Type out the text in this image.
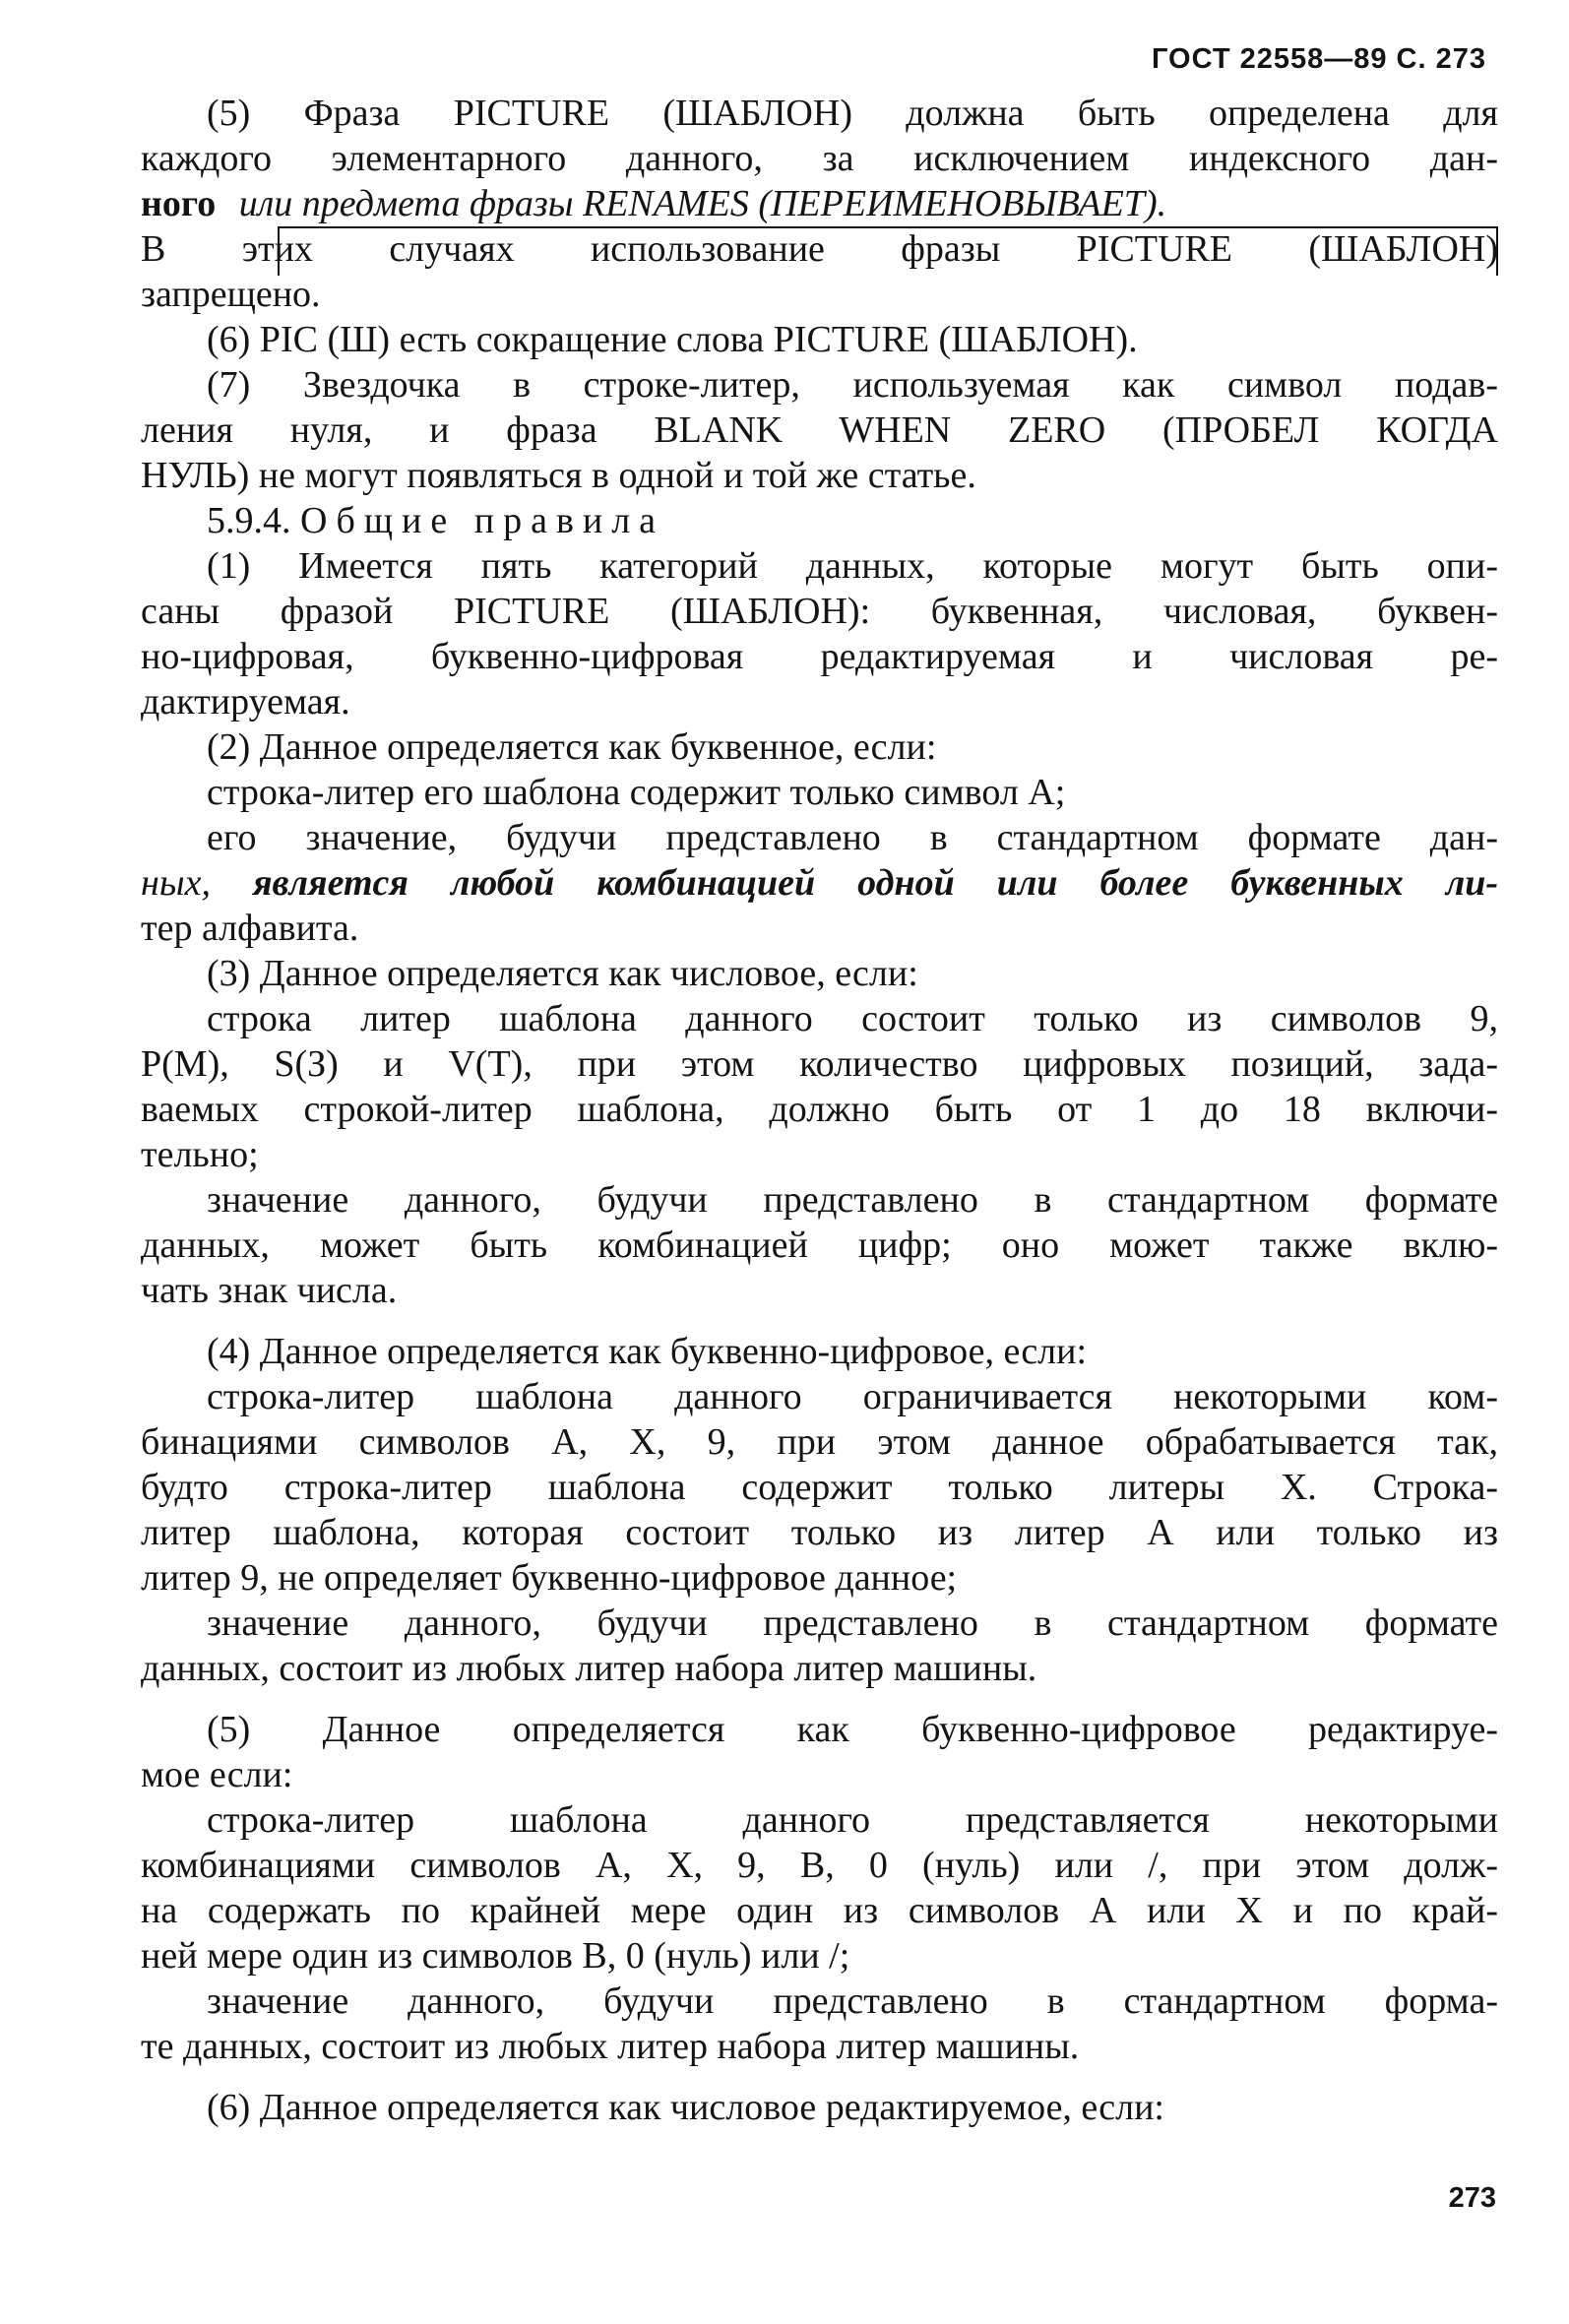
ГОСТ 22558—89 С. 273
(5) Фраза PICTURE (ШАБЛОН) должна быть определена для
каждого элементарного данного, за исключением индексного дан-
ного или предмета фразы RENAMES (ПЕРЕИМЕНОВЫВАЕТ).
В этих случаях использование фразы PICTURE (ШАБЛОН)
запрещено.
(6) PIC (Ш) есть сокращение слова PICTURE (ШАБЛОН).
(7) Звездочка в строке-литер, используемая как символ подав-
ления нуля, и фраза BLANK WHEN ZERO (ПРОБЕЛ КОГДА
НУЛЬ) не могут появляться в одной и той же статье.
5.9.4. Общие правила
(1) Имеется пять категорий данных, которые могут быть опи-
саны фразой PICTURE (ШАБЛОН): буквенная, числовая, буквен-
но-цифровая, буквенно-цифровая редактируемая и числовая ре-
дактируемая.
(2) Данное определяется как буквенное, если:
строка-литер его шаблона содержит только символ А;
его значение, будучи представлено в стандартном формате дан-
ных, является любой комбинацией одной или более буквенных ли-
тер алфавита.
(3) Данное определяется как числовое, если:
строка литер шаблона данного состоит только из символов 9,
Р(М), S(З) и V(Т), при этом количество цифровых позиций, зада-
ваемых строкой-литер шаблона, должно быть от 1 до 18 включи-
тельно;
значение данного, будучи представлено в стандартном формате
данных, может быть комбинацией цифр; оно может также вклю-
чать знак числа.
(4) Данное определяется как буквенно-цифровое, если:
строка-литер шаблона данного ограничивается некоторыми ком-
бинациями символов А, X, 9, при этом данное обрабатывается так,
будто строка-литер шаблона содержит только литеры X. Строка-
литер шаблона, которая состоит только из литер А или только из
литер 9, не определяет буквенно-цифровое данное;
значение данного, будучи представлено в стандартном формате
данных, состоит из любых литер набора литер машины.
(5) Данное определяется как буквенно-цифровое редактируе-
мое если:
строка-литер шаблона данного представляется некоторыми
комбинациями символов А, X, 9, В, 0 (нуль) или /, при этом долж-
на содержать по крайней мере один из символов А или X и по край-
ней мере один из символов В, 0 (нуль) или /;
значение данного, будучи представлено в стандартном форма-
те данных, состоит из любых литер набора литер машины.
(6) Данное определяется как числовое редактируемое, если:
273
